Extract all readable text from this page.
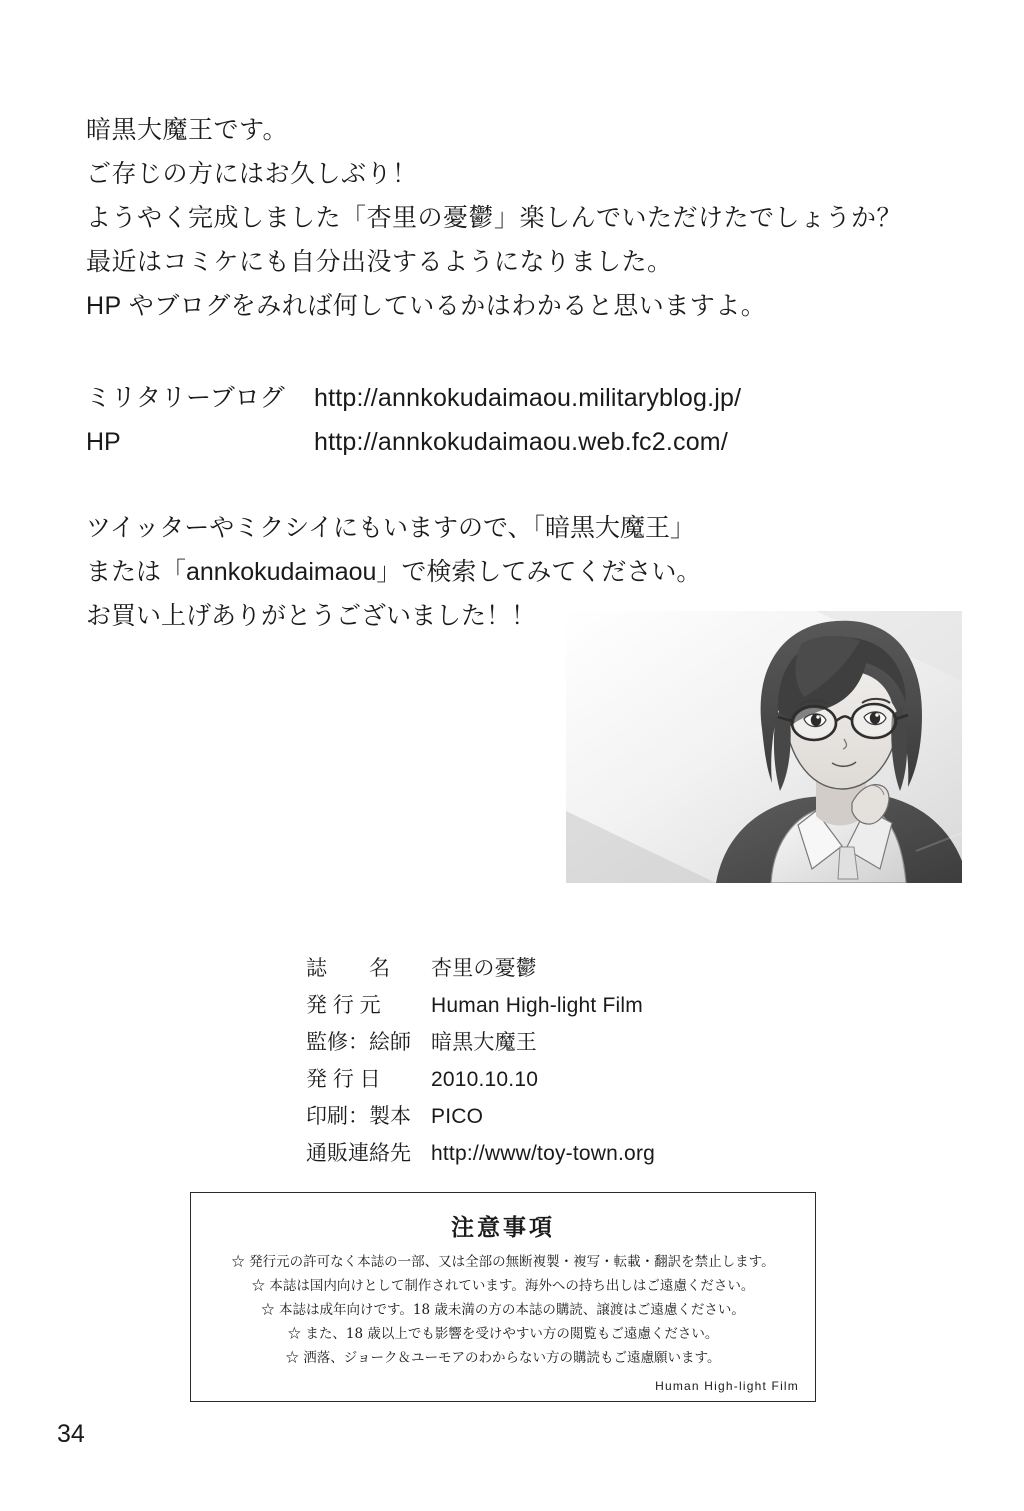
暗黒大魔王です。
ご存じの方にはお久しぶり！
ようやく完成しました「杏里の憂鬱」楽しんでいただけたでしょうか？
最近はコミケにも自分出没するようになりました。
HP やブログをみれば何しているかはわかると思いますよ。
ミリタリーブログ	http://annkokudaimaou.militaryblog.jp/
HP	http://annkokudaimaou.web.fc2.com/
ツイッターやミクシイにもいますので、「暗黒大魔王」
または「annkokudaimaou」で検索してみてください。
お買い上げありがとうございました！！
誌　　名	杏里の憂鬱
発 行 元	Human High-light Film
監修：絵師 暗黒大魔王
発 行 日	2010.10.10
印刷：製本 PICO
通販連絡先 http://www/toy-town.org
注意事項
☆ 発行元の許可なく本誌の一部、又は全部の無断複製・複写・転載・翻訳を禁止します。
☆ 本誌は国内向けとして制作されています。海外への持ち出しはご遠慮ください。
☆ 本誌は成年向けです。18 歳未満の方の本誌の購読、譲渡はご遠慮ください。
☆ また、18 歳以上でも影響を受けやすい方の閲覧もご遠慮ください。
☆ 洒落、ジョーク＆ユーモアのわからない方の購読もご遠慮願います。
Human High-light Film
34
